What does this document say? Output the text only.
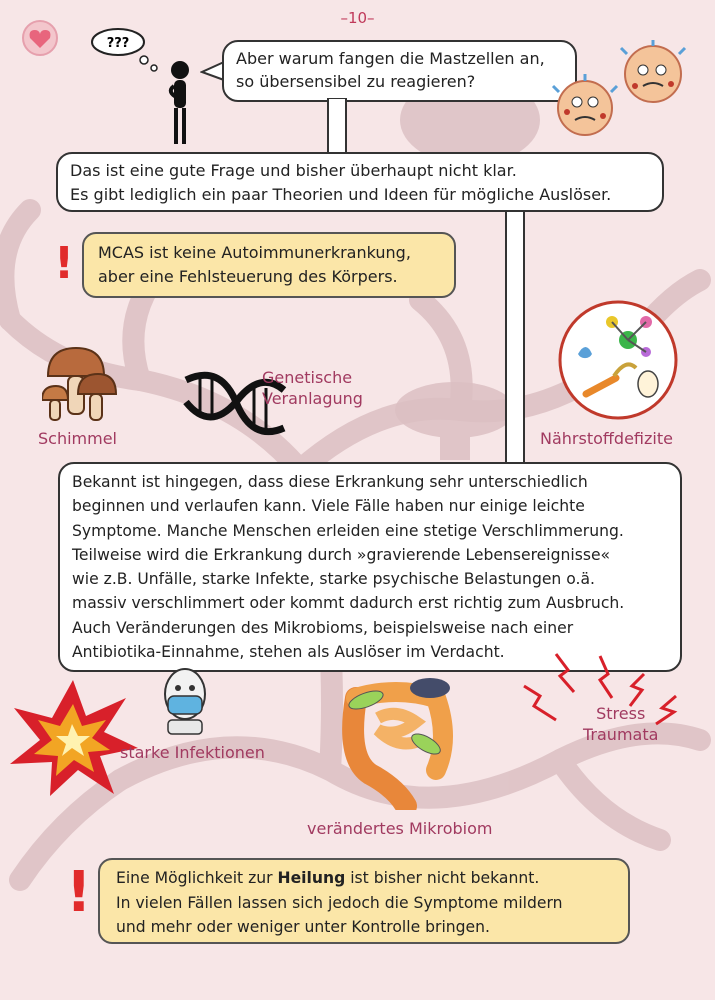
–10–
???
Aber warum fangen die Mastzellen an,
so übersensibel zu reagieren?
Das ist eine gute Frage und bisher überhaupt nicht klar.
Es gibt lediglich ein paar Theorien und Ideen für mögliche Auslöser.
! MCAS ist keine Autoimmunerkrankung,
aber eine Fehlsteuerung des Körpers.
Schimmel
Genetische
Veranlagung
Nährstoffdefizite
Bekannt ist hingegen, dass diese Erkrankung sehr unterschiedlich
beginnen und verlaufen kann. Viele Fälle haben nur einige leichte
Symptome. Manche Menschen erleiden eine stetige Verschlimmerung.
Teilweise wird die Erkrankung durch »gravierende Lebensereignisse«
wie z.B. Unfälle, starke Infekte, starke psychische Belastungen o.ä.
massiv verschlimmert oder kommt dadurch erst richtig zum Ausbruch.
Auch Veränderungen des Mikrobioms, beispielsweise nach einer
Antibiotika-Einnahme, stehen als Auslöser im Verdacht.
starke Infektionen
verändertes Mikrobiom
Stress
Traumata
! Eine Möglichkeit zur Heilung ist bisher nicht bekannt.
In vielen Fällen lassen sich jedoch die Symptome mildern
und mehr oder weniger unter Kontrolle bringen.
